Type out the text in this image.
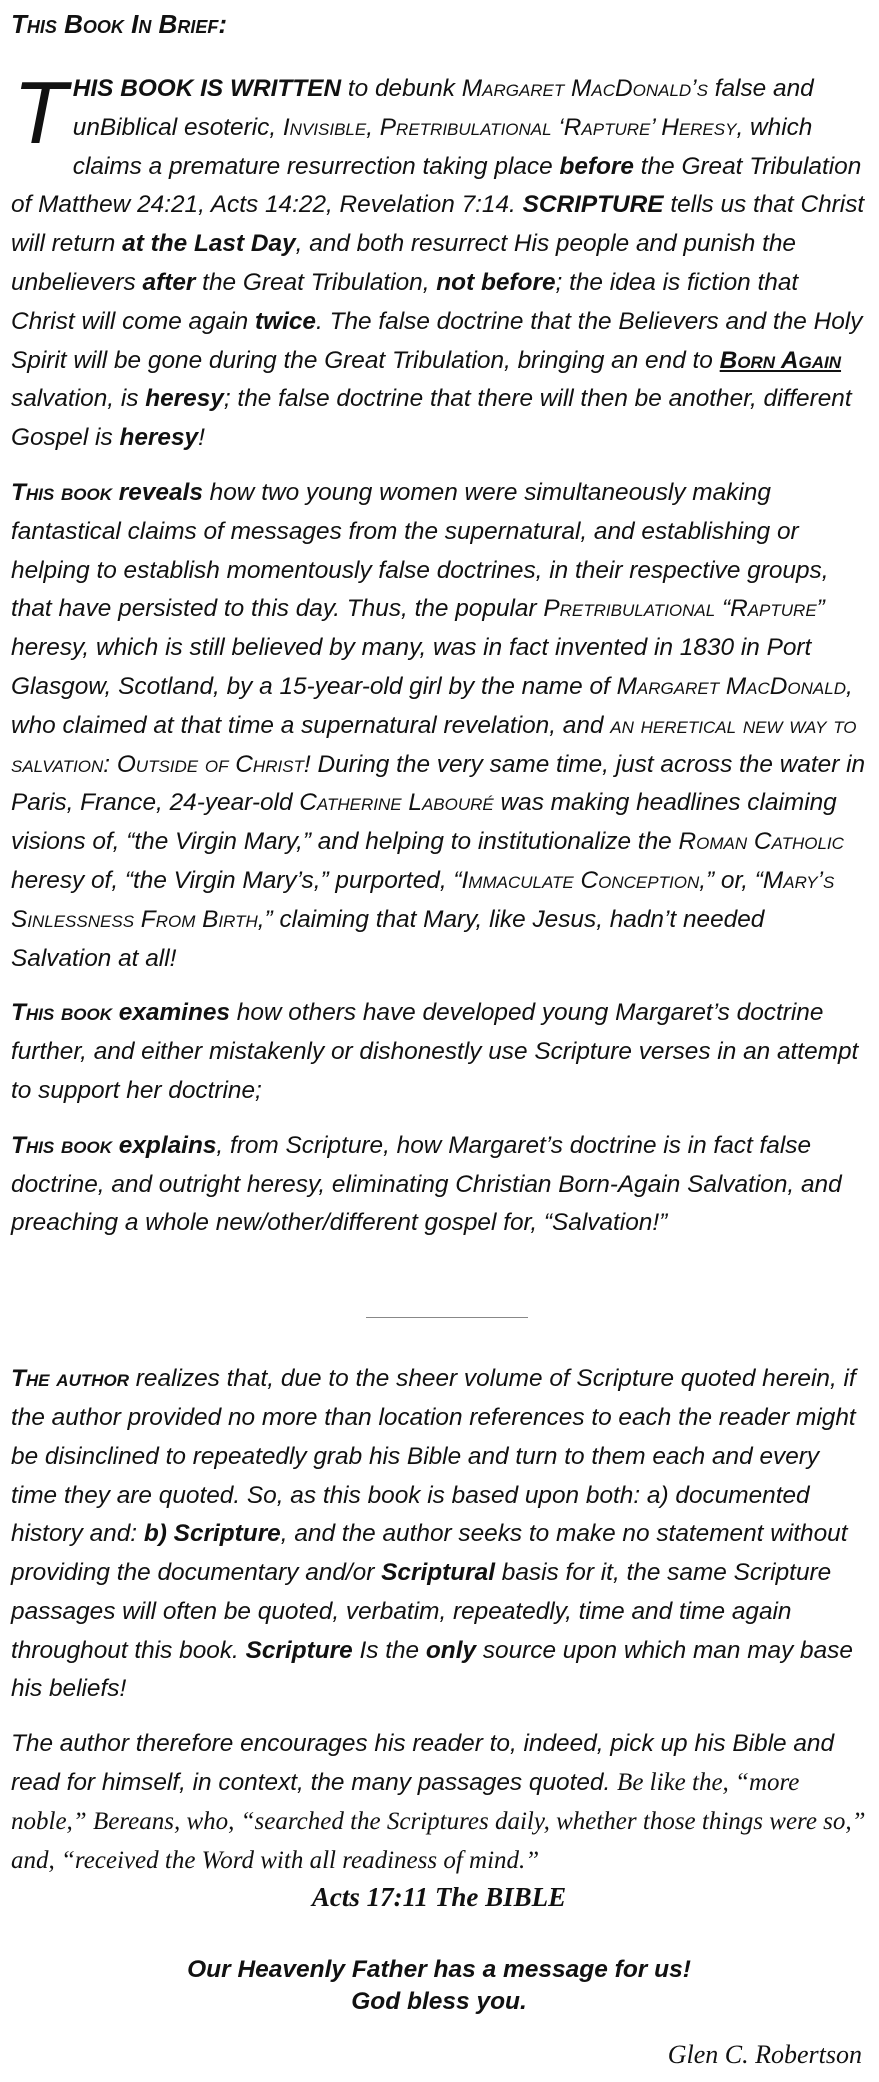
This Book In Brief:

THIS BOOK IS WRITTEN to debunk Margaret MacDonald’s false and unBiblical esoteric, Invisible, Pretribulational ‘Rapture’ Heresy, which claims a premature resurrection taking place before the Great Tribulation of Matthew 24:21, Acts 14:22, Revelation 7:14. SCRIPTURE tells us that Christ will return at the Last Day, and both resurrect His people and punish the unbelievers after the Great Tribulation, not before; the idea is fiction that Christ will come again twice. The false doctrine that the Believers and the Holy Spirit will be gone during the Great Tribulation, bringing an end to Born Again salvation, is heresy; the false doctrine that there will then be another, different Gospel is heresy!

This book reveals how two young women were simultaneously making fantastical claims of messages from the supernatural, and establishing or helping to establish momentously false doctrines, in their respective groups, that have persisted to this day. Thus, the popular Pretribulational “Rapture” heresy, which is still believed by many, was in fact invented in 1830 in Port Glasgow, Scotland, by a 15-year-old girl by the name of Margaret MacDonald, who claimed at that time a supernatural revelation, and an heretical new way to salvation: Outside of Christ! During the very same time, just across the water in Paris, France, 24-year-old Catherine Labouré was making headlines claiming visions of, “the Virgin Mary,” and helping to institutionalize the Roman Catholic heresy of, “the Virgin Mary’s,” purported, “Immaculate Conception,” or, “Mary’s Sinlessness From Birth,” claiming that Mary, like Jesus, hadn’t needed Salvation at all!

This book examines how others have developed young Margaret’s doctrine further, and either mistakenly or dishonestly use Scripture verses in an attempt to support her doctrine;

This book explains, from Scripture, how Margaret’s doctrine is in fact false doctrine, and outright heresy, eliminating Christian Born-Again Salvation, and preaching a whole new/other/different gospel for, “Salvation!”

The author realizes that, due to the sheer volume of Scripture quoted herein, if the author provided no more than location references to each the reader might be disinclined to repeatedly grab his Bible and turn to them each and every time they are quoted. So, as this book is based upon both: a) documented history and: b) Scripture, and the author seeks to make no statement without providing the documentary and/or Scriptural basis for it, the same Scripture passages will often be quoted, verbatim, repeatedly, time and time again throughout this book. Scripture Is the only source upon which man may base his beliefs!

The author therefore encourages his reader to, indeed, pick up his Bible and read for himself, in context, the many passages quoted. Be like the, “more noble,” Bereans, who, “searched the Scriptures daily, whether those things were so,” and, “received the Word with all readiness of mind.”

Acts 17:11 The BIBLE

Our Heavenly Father has a message for us!

God bless you.

Glen C. Robertson
